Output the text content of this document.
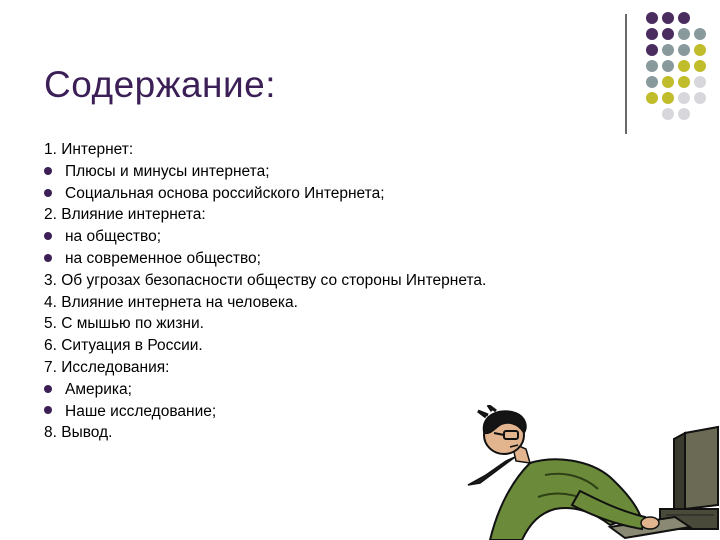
Содержание:
1. Интернет:
Плюсы и минусы интернета;
Социальная основа российского Интернета;
2. Влияние интернета:
на общество;
на современное общество;
3. Об угрозах безопасности обществу со стороны Интернета.
4. Влияние интернета на человека.
5. С мышью по жизни.
6. Ситуация в России.
7. Исследования:
Америка;
Наше исследование;
8. Вывод.
